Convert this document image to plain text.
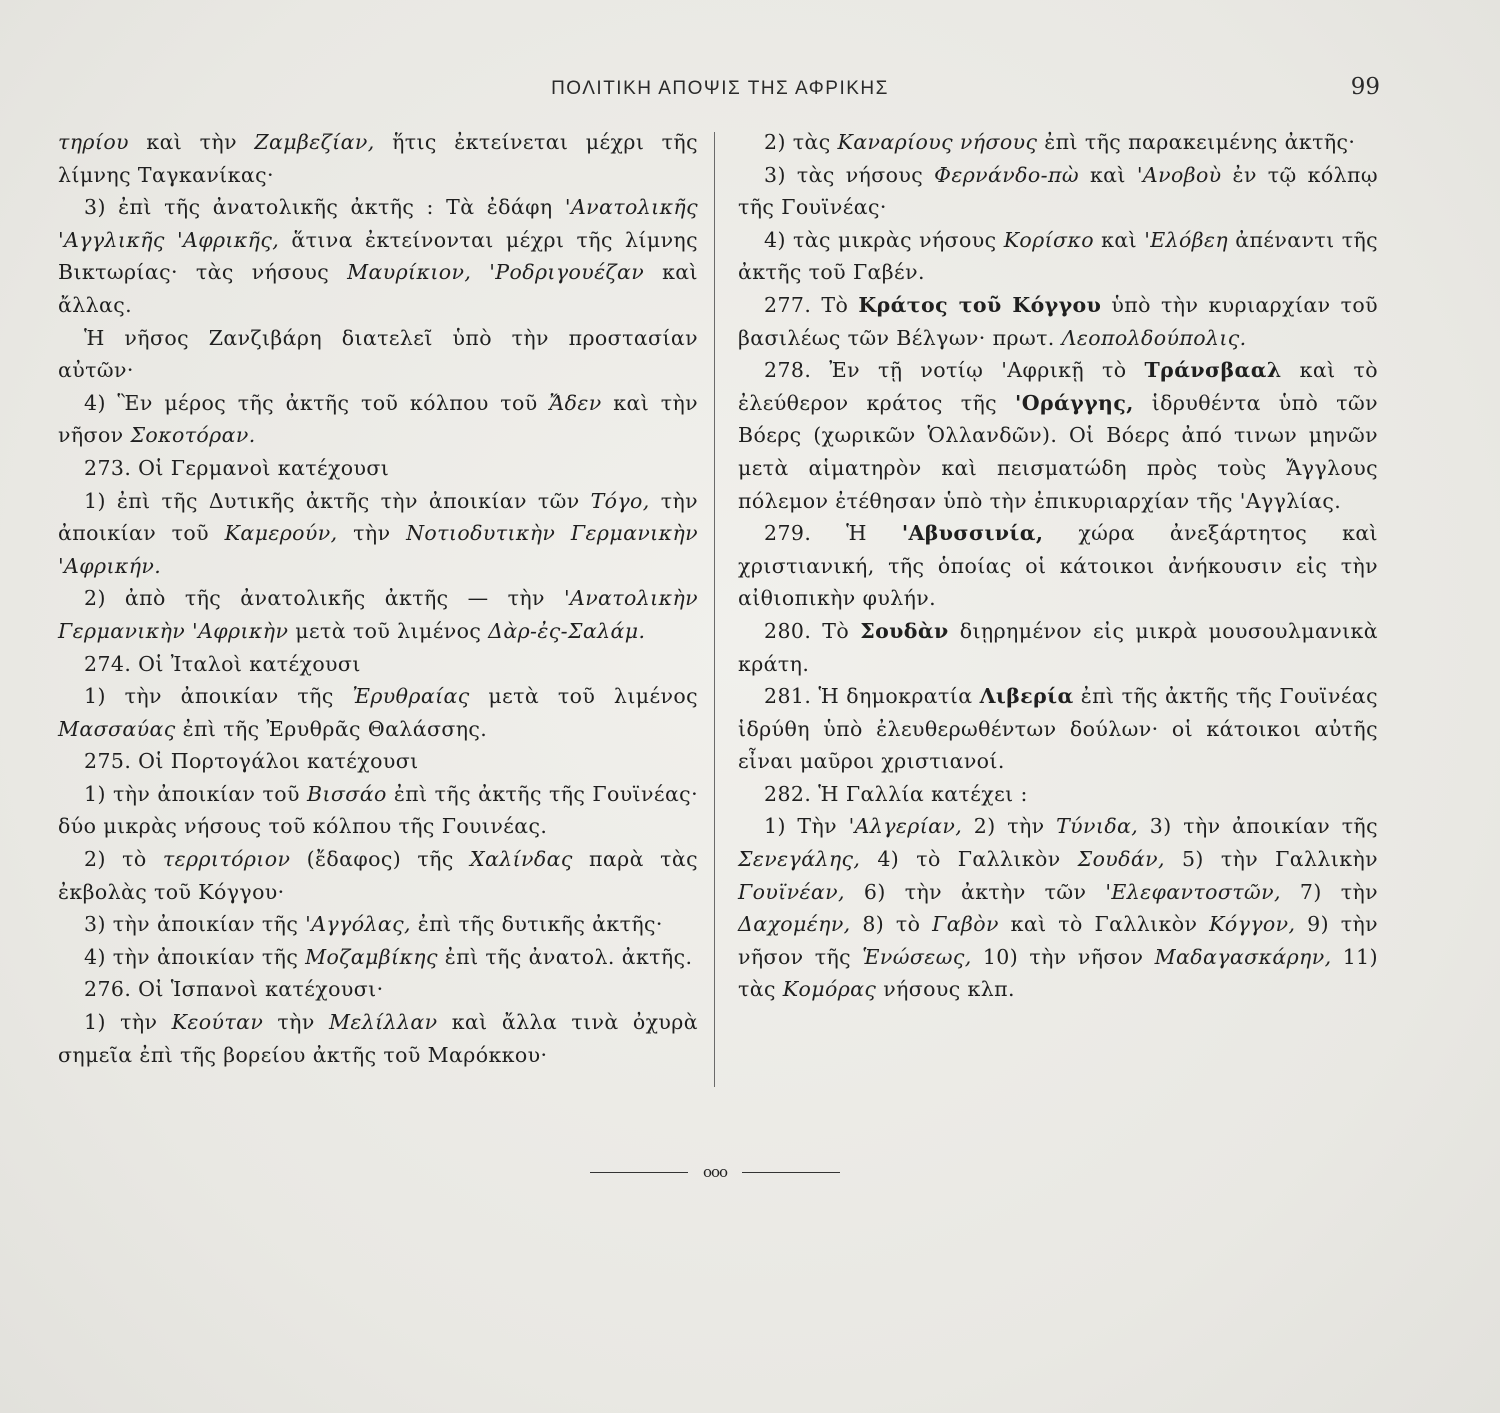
ΠΟΛΙΤΙΚΗ ΑΠΟΨΙΣ ΤΗΣ ΑΦΡΙΚΗΣ	99

τηρίου καὶ τὴν Ζαμβεζίαν, ἥτις ἐκτείνεται μέχρι τῆς λίμνης Ταγκανίκας·

3) ἐπὶ τῆς ἀνατολικῆς ἀκτῆς : Τὰ ἐδάφη 'Ανατολικῆς 'Αγγλικῆς 'Αφρικῆς, ἅτινα ἐκτείνονται μέχρι τῆς λίμνης Βικτωρίας· τὰς νήσους Μαυρίκιον, 'Ροδριγουέζαν καὶ ἄλλας.

Ἡ νῆσος Ζανζιβάρη διατελεῖ ὑπὸ τὴν προστασίαν αὐτῶν·

4) Ἓν μέρος τῆς ἀκτῆς τοῦ κόλπου τοῦ Ἄδεν καὶ τὴν νῆσον Σοκοτόραν.

273. Οἱ Γερμανοὶ κατέχουσι

1) ἐπὶ τῆς Δυτικῆς ἀκτῆς τὴν ἀποικίαν τῶν Τόγο, τὴν ἀποικίαν τοῦ Καμερούν, τὴν Νοτιοδυτικὴν Γερμανικὴν 'Αφρικήν.

2) ἀπὸ τῆς ἀνατολικῆς ἀκτῆς — τὴν 'Ανατολικὴν Γερμανικὴν 'Αφρικὴν μετὰ τοῦ λιμένος Δὰρ-ἐς-Σαλάμ.

274. Οἱ Ἰταλοὶ κατέχουσι

1) τὴν ἀποικίαν τῆς Ἐρυθραίας μετὰ τοῦ λιμένος Μασσαύας ἐπὶ τῆς Ἐρυθρᾶς Θαλάσσης.

275. Οἱ Πορτογάλοι κατέχουσι

1) τὴν ἀποικίαν τοῦ Βισσάο ἐπὶ τῆς ἀκτῆς τῆς Γουϊνέας· δύο μικρὰς νήσους τοῦ κόλπου τῆς Γουινέας.

2) τὸ τερριτόριον (ἔδαφος) τῆς Χαλίνδας παρὰ τὰς ἐκβολὰς τοῦ Κόγγου·

3) τὴν ἀποικίαν τῆς 'Αγγόλας, ἐπὶ τῆς δυτικῆς ἀκτῆς·

4) τὴν ἀποικίαν τῆς Μοζαμβίκης ἐπὶ τῆς ἀνατολ. ἀκτῆς.

276. Οἱ Ἱσπανοὶ κατέχουσι·

1) τὴν Κεούταν τὴν Μελίλλαν καὶ ἄλλα τινὰ ὀχυρὰ σημεῖα ἐπὶ τῆς βορείου ἀκτῆς τοῦ Μαρόκκου·

2) τὰς Καναρίους νήσους ἐπὶ τῆς παρακειμένης ἀκτῆς·

3) τὰς νήσους Φερνάνδο-πὼ καὶ 'Ανοβοὺ ἐν τῷ κόλπῳ τῆς Γουϊνέας·

4) τὰς μικρὰς νήσους Κορίσκο καὶ 'Ελόβεη ἀπέναντι τῆς ἀκτῆς τοῦ Γαβέν.

277. Τὸ Κράτος τοῦ Κόγγου ὑπὸ τὴν κυριαρχίαν τοῦ βασιλέως τῶν Βέλγων· πρωτ. Λεοπολδούπολις.

278. Ἐν τῇ νοτίῳ 'Αφρικῇ τὸ Τράνσβααλ καὶ τὸ ἐλεύθερον κράτος τῆς 'Οράγγης, ἱδρυθέντα ὑπὸ τῶν Βόερς (χωρικῶν Ὁλλανδῶν). Οἱ Βόερς ἀπό τινων μηνῶν μετὰ αἱματηρὸν καὶ πεισματώδη πρὸς τοὺς Ἄγγλους πόλεμον ἐτέθησαν ὑπὸ τὴν ἐπικυριαρχίαν τῆς 'Αγγλίας.

279. Ἡ 'Αβυσσινία, χώρα ἀνεξάρτητος καὶ χριστιανική, τῆς ὁποίας οἱ κάτοικοι ἀνήκουσιν εἰς τὴν αἰθιοπικὴν φυλήν.

280. Τὸ Σουδὰν διῃρημένον εἰς μικρὰ μουσουλμανικὰ κράτη.

281. Ἡ δημοκρατία Λιβερία ἐπὶ τῆς ἀκτῆς τῆς Γουϊνέας ἱδρύθη ὑπὸ ἐλευθερωθέντων δούλων· οἱ κάτοικοι αὐτῆς εἶναι μαῦροι χριστιανοί.

282. Ἡ Γαλλία κατέχει :

1) Τὴν 'Αλγερίαν, 2) τὴν Τύνιδα, 3) τὴν ἀποικίαν τῆς Σενεγάλης, 4) τὸ Γαλλικὸν Σουδάν, 5) τὴν Γαλλικὴν Γουϊνέαν, 6) τὴν ἀκτὴν τῶν 'Ελεφαντοστῶν, 7) τὴν Δαχομέην, 8) τὸ Γαβὸν καὶ τὸ Γαλλικὸν Κόγγον, 9) τὴν νῆσον τῆς Ἑνώσεως, 10) τὴν νῆσον Μαδαγασκάρην, 11) τὰς Κομόρας νήσους κλπ.

ooo
